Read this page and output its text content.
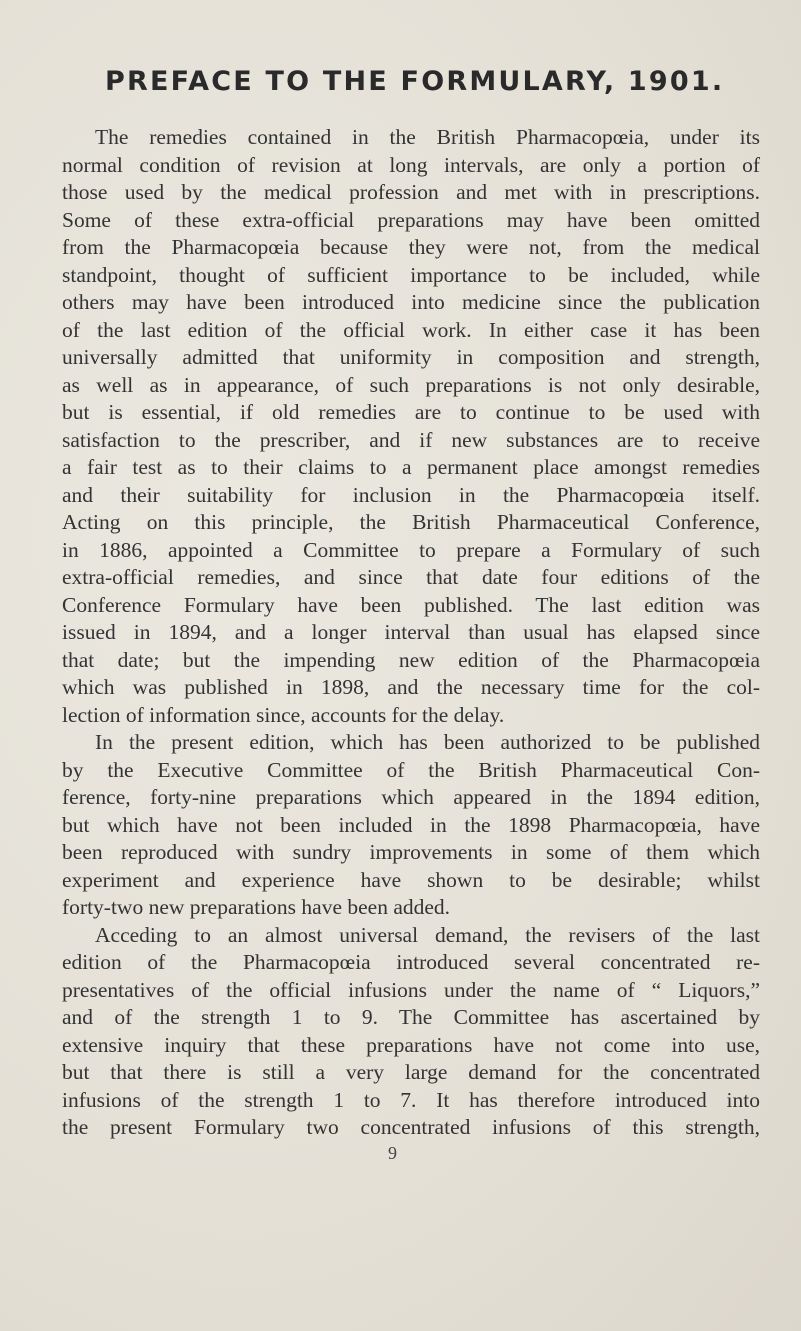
PREFACE TO THE FORMULARY, 1901.
The remedies contained in the British Pharmacopœia, under its
normal condition of revision at long intervals, are only a portion of
those used by the medical profession and met with in prescriptions.
Some of these extra-official preparations may have been omitted
from the Pharmacopœia because they were not, from the medical
standpoint, thought of sufficient importance to be included, while
others may have been introduced into medicine since the publication
of the last edition of the official work. In either case it has been
universally admitted that uniformity in composition and strength,
as well as in appearance, of such preparations is not only desirable,
but is essential, if old remedies are to continue to be used with
satisfaction to the prescriber, and if new substances are to receive
a fair test as to their claims to a permanent place amongst remedies
and their suitability for inclusion in the Pharmacopœia itself.
Acting on this principle, the British Pharmaceutical Conference,
in 1886, appointed a Committee to prepare a Formulary of such
extra-official remedies, and since that date four editions of the
Conference Formulary have been published. The last edition was
issued in 1894, and a longer interval than usual has elapsed since
that date; but the impending new edition of the Pharmacopœia
which was published in 1898, and the necessary time for the col-
lection of information since, accounts for the delay.
In the present edition, which has been authorized to be published
by the Executive Committee of the British Pharmaceutical Con-
ference, forty-nine preparations which appeared in the 1894 edition,
but which have not been included in the 1898 Pharmacopœia, have
been reproduced with sundry improvements in some of them which
experiment and experience have shown to be desirable; whilst
forty-two new preparations have been added.
Acceding to an almost universal demand, the revisers of the last
edition of the Pharmacopœia introduced several concentrated re-
presentatives of the official infusions under the name of “ Liquors,”
and of the strength 1 to 9. The Committee has ascertained by
extensive inquiry that these preparations have not come into use,
but that there is still a very large demand for the concentrated
infusions of the strength 1 to 7. It has therefore introduced into
the present Formulary two concentrated infusions of this strength,
9
